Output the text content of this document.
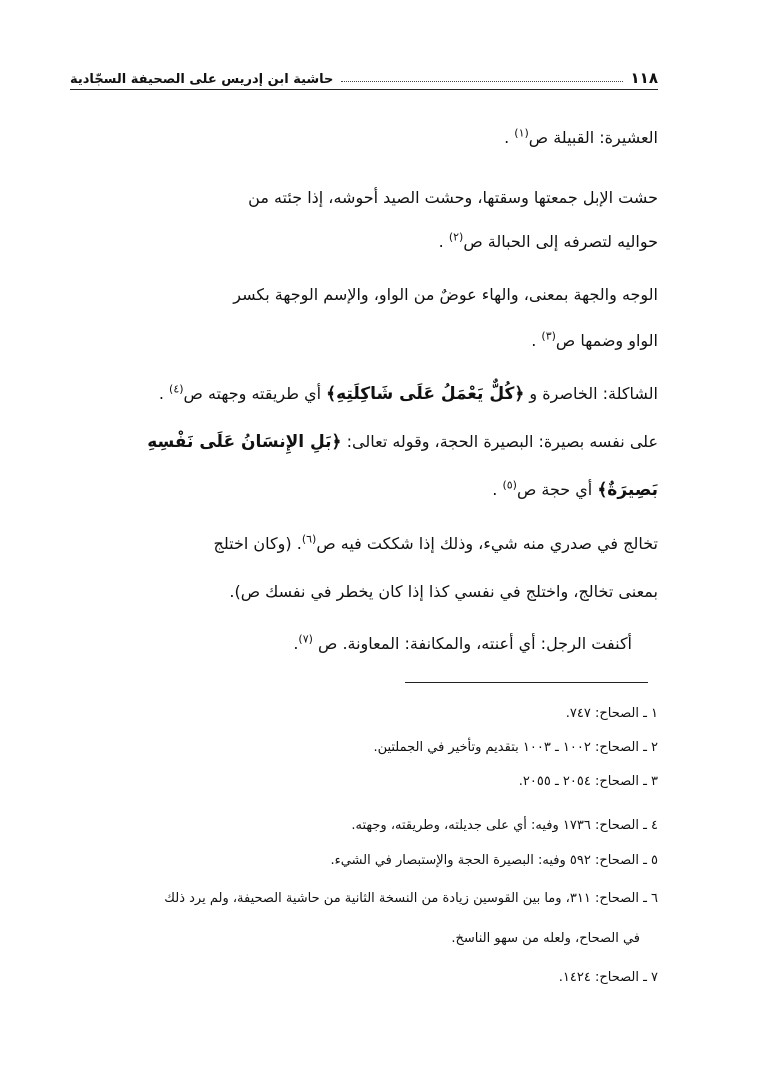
١١٨
حاشية ابن إدريس على الصحيفة السجّادية
العشيرة: القبيلة ص$^{(١)}$ .
حشت الإبل جمعتها وسقتها، وحشت الصيد أحوشه، إذا جئته من
حواليه لتصرفه إلى الحبالة ص$^{(٢)}$ .
الوجه والجهة بمعنى، والهاء عوضٌ من الواو، والإسم الوجهة بكسر
الواو وضمها ص$^{(٣)}$ .
الشاكلة: الخاصرة و ﴿كُلٌّ يَعْمَلُ عَلَى شَاكِلَتِهِ﴾ أي طريقته وجهته ص$^{(٤)}$ .
على نفسه بصيرة: البصيرة الحجة، وقوله تعالى: ﴿بَلِ الإِنسَانُ عَلَى نَفْسِهِ
بَصِيرَةٌ﴾ أي حجة ص$^{(٥)}$ .
تخالج في صدري منه شيء، وذلك إذا شككت فيه ص$^{(٦)}$. (وكان اختلج
بمعنى تخالج، واختلج في نفسي كذا إذا كان يخطر في نفسك ص).
أكنفت الرجل: أي أعنته، والمكانفة: المعاونة. ص $^{(٧)}$.
١ ـ الصحاح: ٧٤٧.
٢ ـ الصحاح: ١٠٠٢ ـ ١٠٠٣ بتقديم وتأخير في الجملتين.
٣ ـ الصحاح: ٢٠٥٤ ـ ٢٠٥٥.
٤ ـ الصحاح: ١٧٣٦ وفيه: أي على جديلته، وطريقته، وجهته.
٥ ـ الصحاح: ٥٩٢ وفيه: البصيرة الحجة والإستبصار في الشيء.
٦ ـ الصحاح: ٣١١، وما بين القوسين زيادة من النسخة الثانية من حاشية الصحيفة، ولم يرد ذلك
في الصحاح، ولعله من سهو الناسخ.
٧ ـ الصحاح: ١٤٢٤.
